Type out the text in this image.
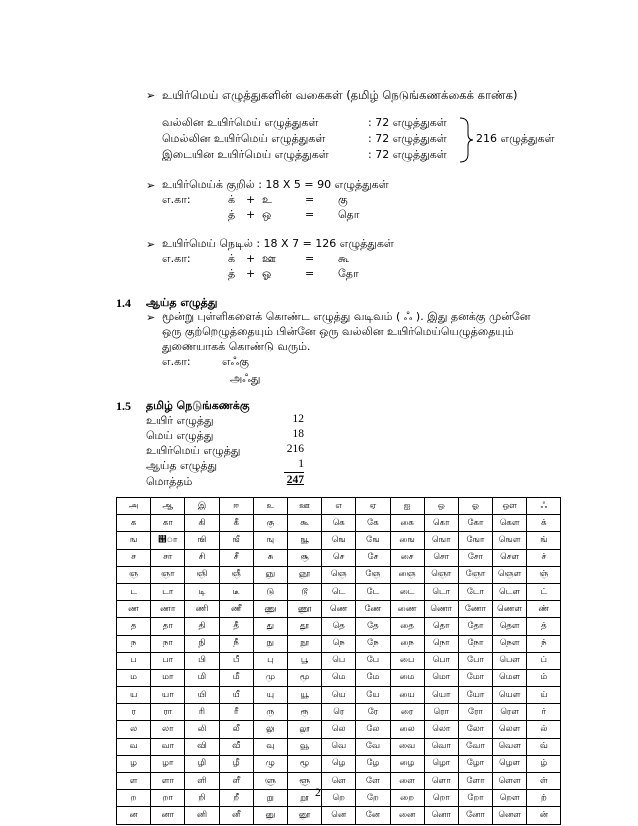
➢ உயிர்மெய் எழுத்துகளின் வகைகள் (தமிழ் நெடுங்கணக்கைக் காண்க)
வல்லின உயிர்மெய் எழுத்துகள்	: 72 எழுத்துகள்
மெல்லின உயிர்மெய் எழுத்துகள்	: 72 எழுத்துகள்
இடையின உயிர்மெய் எழுத்துகள்	: 72 எழுத்துகள்
216 எழுத்துகள்
➢ உயிர்மெய்க் குறில் : 18 X 5 = 90 எழுத்துகள்
எ.கா:	க் + உ	= கு
த் + ஒ	= தொ
➢ உயிர்மெய் நெடில் : 18 X 7 = 126 எழுத்துகள்
எ.கா:	க் + ஊ	= கூ
த் + ஓ	= தோ
1.4 ஆய்த எழுத்து
➢ மூன்று புள்ளிகளைக் கொண்ட எழுத்து வடிவம் ( ஃ ). இது தனக்கு முன்னே
ஒரு குற்றெழுத்தையும் பின்னே ஒரு வல்லின உயிர்மெய்யெழுத்தையும்
துணையாகக் கொண்டு வரும்.
எ.கா:	எஃகு
அஃது
1.5 தமிழ் நெடுங்கணக்கு
உயிர் எழுத்து	12
மெய் எழுத்து	18
உயிர்மெய் எழுத்து	216
ஆய்த எழுத்து	1
மொத்தம்	247
அ	ஆ	இ	ஈ	உ	ஊ	எ	ஏ	ஐ	ஒ	ஓ	ஔ	ஃ
க	கா	கி	கீ	கு	கூ	கெ	கே	கை	கொ	கோ	கௌ	க்
ங	஘ா	ஙி	ஙீ	ஙு	ஙூ	ஙெ	ஙே	ஙை	ஙொ	ஙோ	ஙௌ	ங்
ச	சா	சி	சீ	சு	சூ	செ	சே	சை	சொ	சோ	சௌ	ச்
ஞ	ஞா	ஞி	ஞீ	ஞு	ஞூ	ஞெ	ஞே	ஞை	ஞொ	ஞோ	ஞௌ	ஞ்
ட	டா	டி	டீ	டு	டூ	டெ	டே	டை	டொ	டோ	டௌ	ட்
ண	ணா	ணி	ணீ	ணு	ணூ	ணெ	ணே	ணை	ணொ	ணோ	ணௌ	ண்
த	தா	தி	தீ	து	தூ	தெ	தே	தை	தொ	தோ	தௌ	த்
ந	நா	நி	நீ	நு	நூ	நெ	நே	நை	நொ	நோ	நௌ	ந்
ப	பா	பி	பீ	பு	பூ	பெ	பே	பை	பொ	போ	பௌ	ப்
ம	மா	மி	மீ	மு	மூ	மெ	மே	மை	மொ	மோ	மௌ	ம்
ய	யா	யி	யீ	யு	யூ	யெ	யே	யை	யொ	யோ	யௌ	ய்
ர	ரா	ரி	ரீ	ரு	ரூ	ரெ	ரே	ரை	ரொ	ரோ	ரௌ	ர்
ல	லா	லி	லீ	லு	லூ	லெ	லே	லை	லொ	லோ	லௌ	ல்
வ	வா	வி	வீ	வு	வூ	வெ	வே	வை	வொ	வோ	வௌ	வ்
ழ	ழா	ழி	ழீ	ழு	ழூ	ழெ	ழே	ழை	ழொ	ழோ	ழௌ	ழ்
ள	ளா	ளி	ளீ	ளு	ளூ	ளெ	ளே	ளை	ளொ	ளோ	ளௌ	ள்
ற	றா	றி	றீ	று	றூ	றெ	றே	றை	றொ	றோ	றௌ	ற்
ன	னா	னி	னீ	னு	னூ	னெ	னே	னை	னொ	னோ	னௌ	ன்
2
